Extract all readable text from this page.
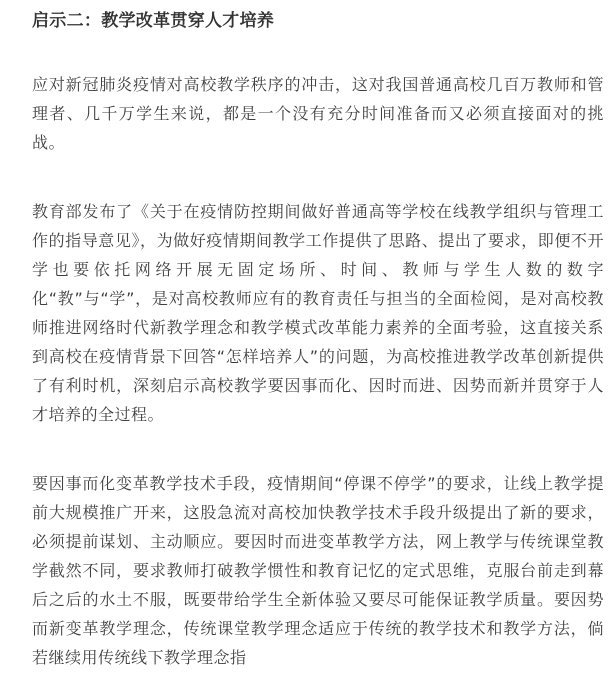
启示二：教学改革贯穿人才培养

应对新冠肺炎疫情对高校教学秩序的冲击，这对我国普通高校几百万教师和管理者、几千万学生来说，都是一个没有充分时间准备而又必须直接面对的挑战。

教育部发布了《关于在疫情防控期间做好普通高等学校在线教学组织与管理工作的指导意见》，为做好疫情期间教学工作提供了思路、提出了要求，即便不开学也要依托网络开展无固定场所、时间、教师与学生人数的数字化“教”与“学”，是对高校教师应有的教育责任与担当的全面检阅，是对高校教师推进网络时代新教学理念和教学模式改革能力素养的全面考验，这直接关系到高校在疫情背景下回答“怎样培养人”的问题，为高校推进教学改革创新提供了有利时机，深刻启示高校教学要因事而化、因时而进、因势而新并贯穿于人才培养的全过程。

要因事而化变革教学技术手段，疫情期间“停课不停学”的要求，让线上教学提前大规模推广开来，这股急流对高校加快教学技术手段升级提出了新的要求，必须提前谋划、主动顺应。要因时而进变革教学方法，网上教学与传统课堂教学截然不同，要求教师打破教学惯性和教育记忆的定式思维，克服台前走到幕后之后的水土不服，既要带给学生全新体验又要尽可能保证教学质量。要因势而新变革教学理念，传统课堂教学理念适应于传统的教学技术和教学方法，倘若继续用传统线下教学理念指
